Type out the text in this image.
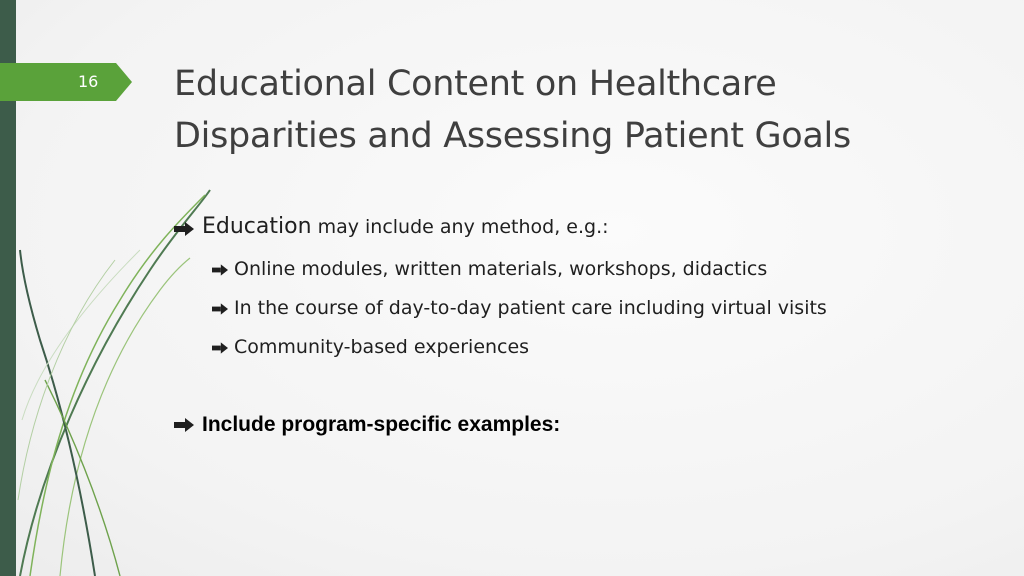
16 Educational Content on Healthcare
Disparities and Assessing Patient Goals
Education may include any method, e.g.:
Online modules, written materials, workshops, didactics
In the course of day-to-day patient care including virtual visits
Community-based experiences
Include program-specific examples:
